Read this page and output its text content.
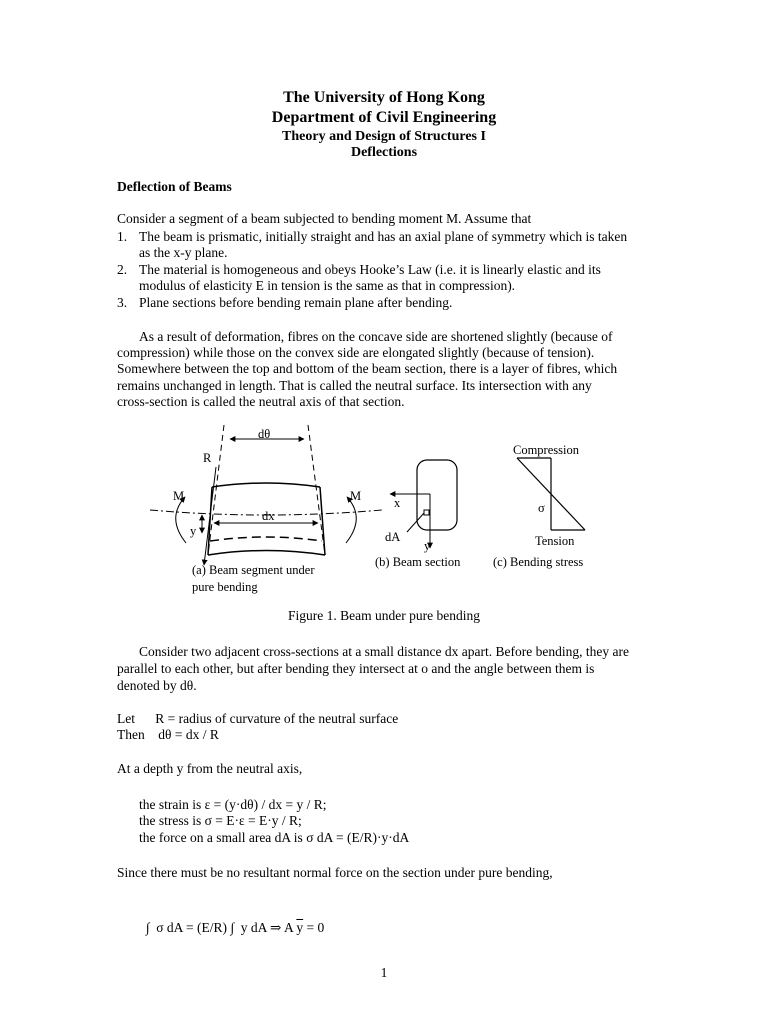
The University of Hong Kong
Department of Civil Engineering
Theory and Design of Structures I
Deflections
Deflection of Beams
Consider a segment of a beam subjected to bending moment M. Assume that
1. The beam is prismatic, initially straight and has an axial plane of symmetry which is taken
as the x-y plane.
2. The material is homogeneous and obeys Hooke’s Law (i.e. it is linearly elastic and its
modulus of elasticity E in tension is the same as that in compression).
3. Plane sections before bending remain plane after bending.
As a result of deformation, fibres on the concave side are shortened slightly (because of
compression) while those on the convex side are elongated slightly (because of tension).
Somewhere between the top and bottom of the beam section, there is a layer of fibres, which
remains unchanged in length. That is called the neutral surface. Its intersection with any
cross-section is called the neutral axis of that section.
dθ
R
M	M
dx
y
x
dA
y
Compression
σ
Tension
(a) Beam segment under
pure bending
(b) Beam section	(c) Bending stress
Figure 1. Beam under pure bending
Consider two adjacent cross-sections at a small distance dx apart. Before bending, they are
parallel to each other, but after bending they intersect at o and the angle between them is
denoted by dθ.
Let      R = radius of curvature of the neutral surface
Then    dθ = dx / R
At a depth y from the neutral axis,
the strain is ε = (y·dθ) / dx = y / R;
the stress is σ = E·ε = E·y / R;
the force on a small area dA is σ dA = (E/R)·y·dA
Since there must be no resultant normal force on the section under pure bending,

∫  σ dA = (E/R) ∫  y dA ⇒ A $\overline{y} = 0$

1
